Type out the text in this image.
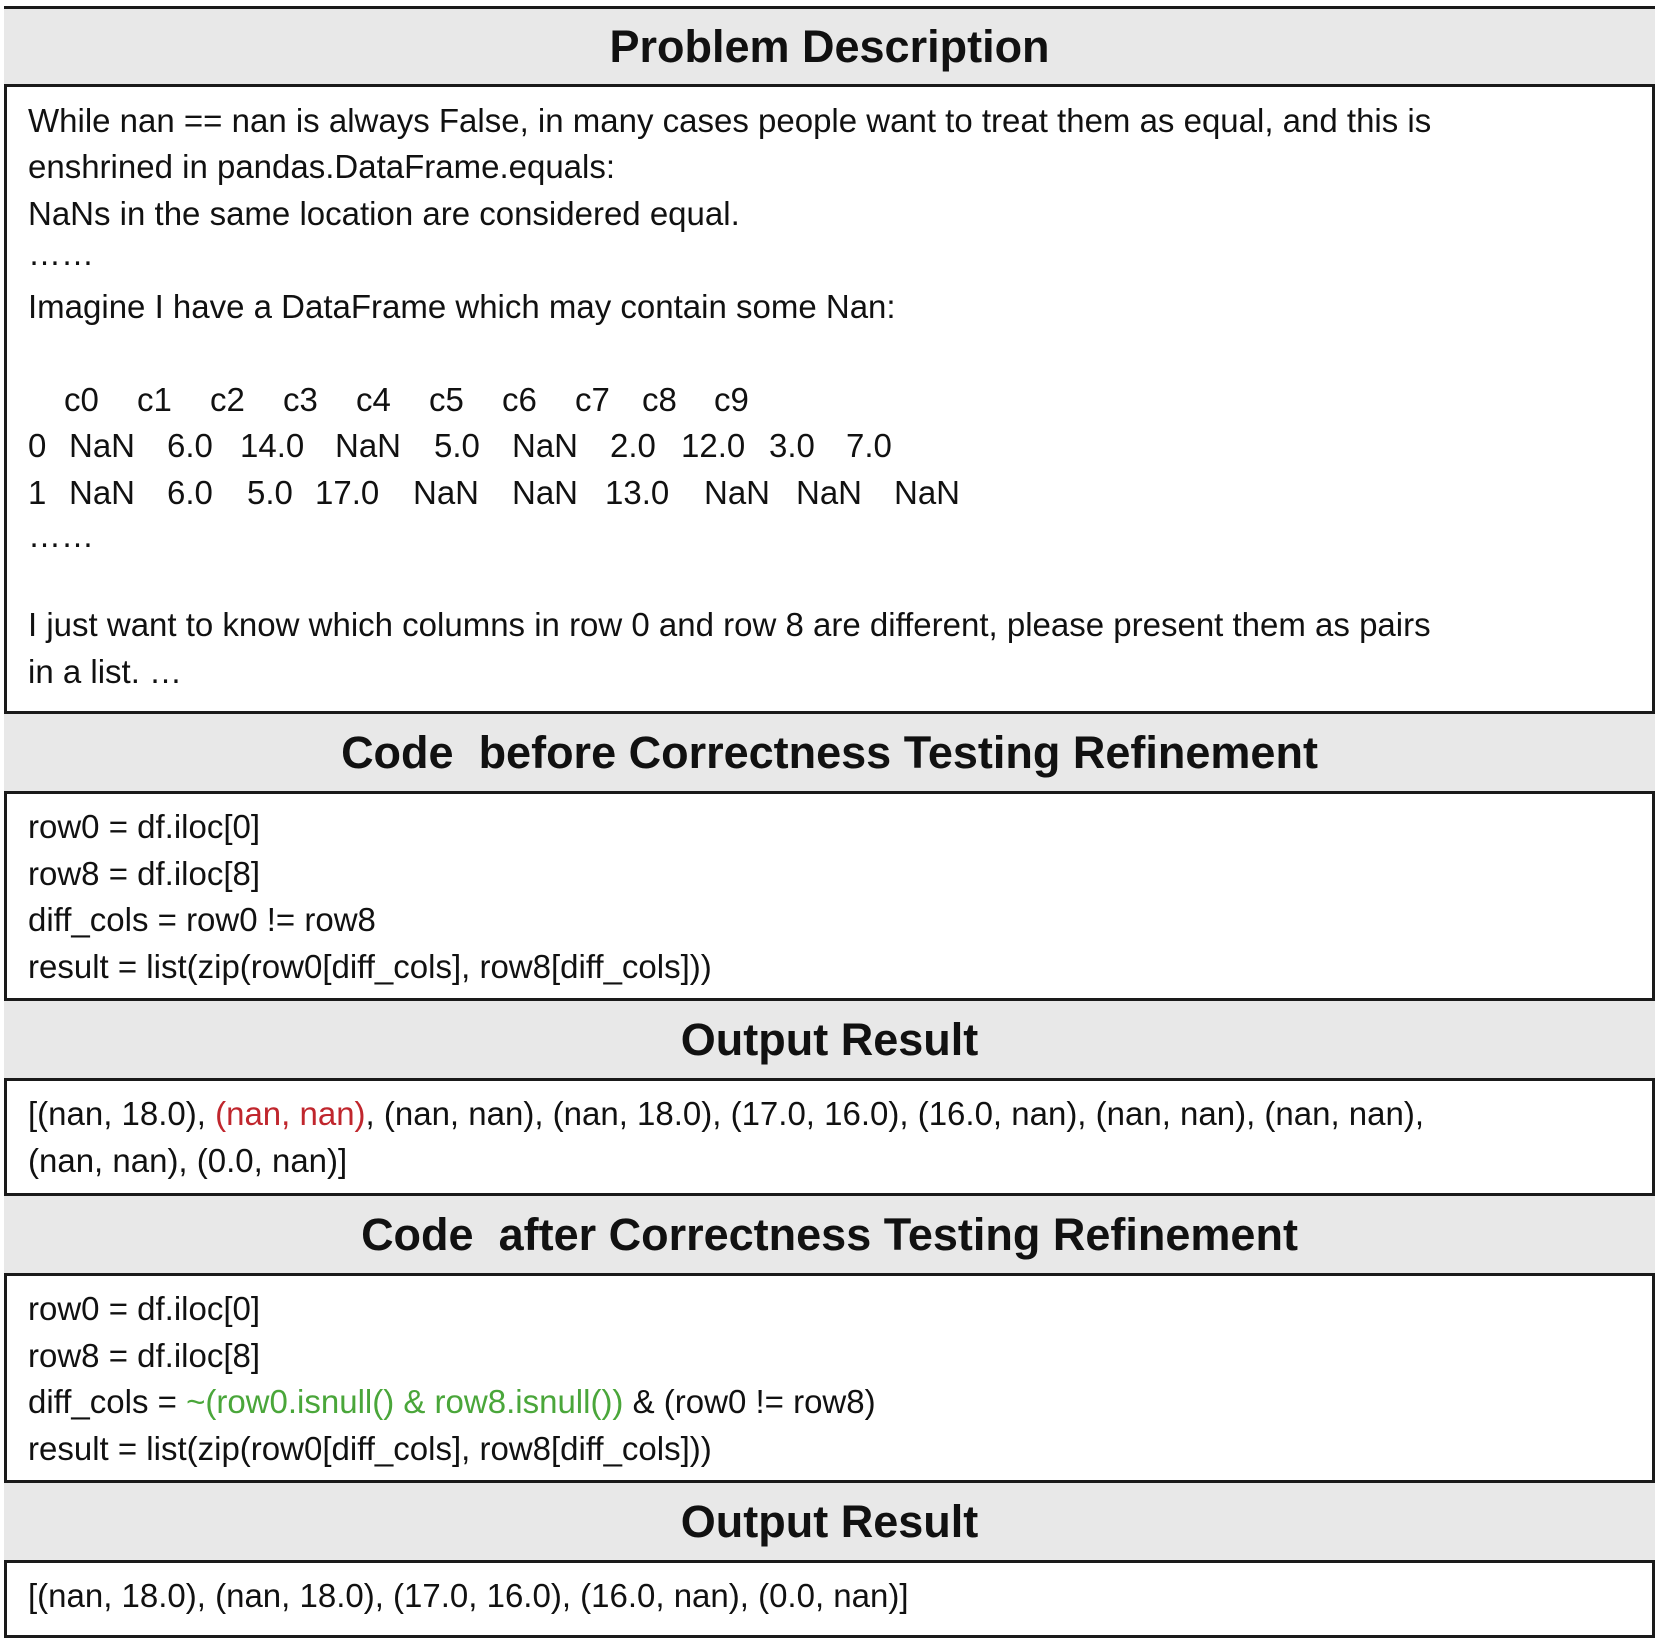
Problem Description
While nan == nan is always False, in many cases people want to treat them as equal, and this is
enshrined in pandas.DataFrame.equals:
NaNs in the same location are considered equal.
……
Imagine I have a DataFrame which may contain some Nan:
c0 c1 c2 c3 c4 c5 c6 c7 c8 c9
0 NaN 6.0 14.0 NaN 5.0 NaN 2.0 12.0 3.0 7.0
1 NaN 6.0 5.0 17.0 NaN NaN 13.0 NaN NaN NaN
……
I just want to know which columns in row 0 and row 8 are different, please present them as pairs
in a list. …
Code  before Correctness Testing Refinement
row0 = df.iloc[0]
row8 = df.iloc[8]
diff_cols = row0 != row8
result = list(zip(row0[diff_cols], row8[diff_cols]))
Output Result
[(nan, 18.0), (nan, nan), (nan, nan), (nan, 18.0), (17.0, 16.0), (16.0, nan), (nan, nan), (nan, nan),
(nan, nan), (0.0, nan)]
Code  after Correctness Testing Refinement
row0 = df.iloc[0]
row8 = df.iloc[8]
diff_cols = ~(row0.isnull() & row8.isnull()) & (row0 != row8)
result = list(zip(row0[diff_cols], row8[diff_cols]))
Output Result
[(nan, 18.0), (nan, 18.0), (17.0, 16.0), (16.0, nan), (0.0, nan)]
